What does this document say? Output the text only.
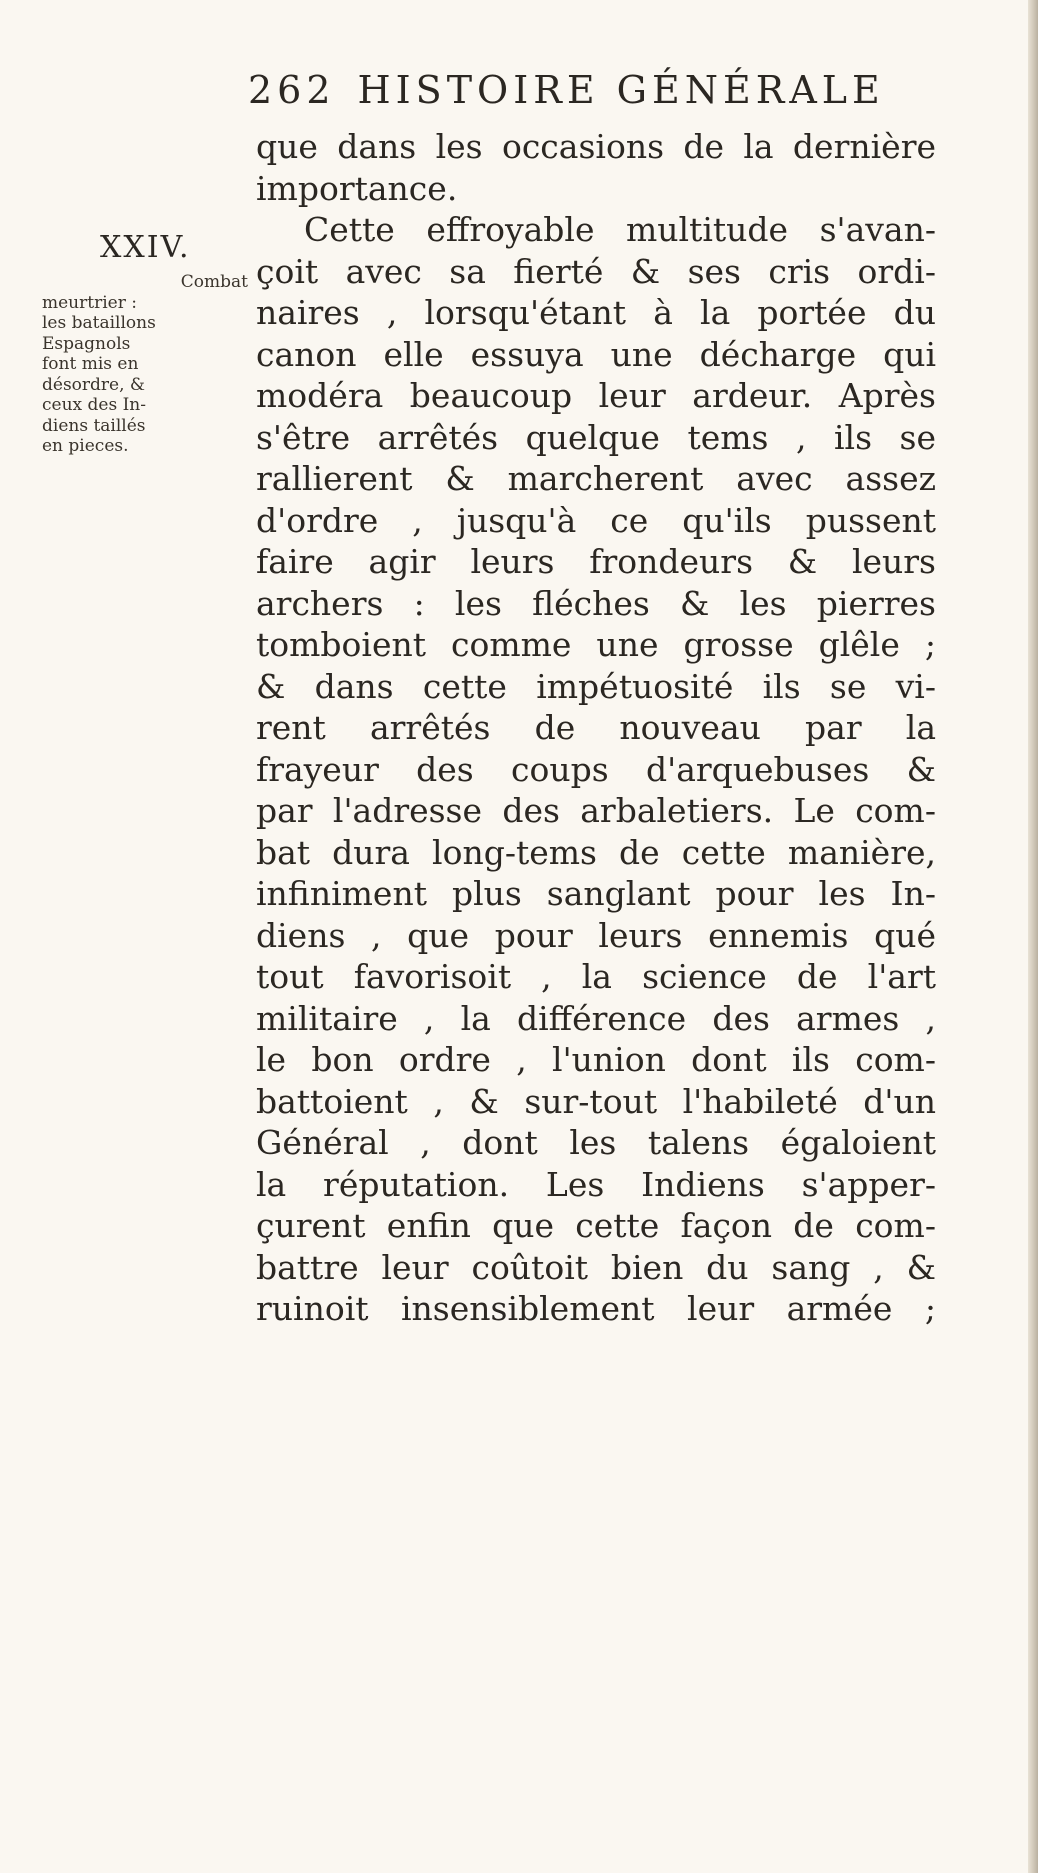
262 HISTOIRE GÉNÉRALE
XXIV.
Combat
meurtrier :
les bataillons
Espagnols
font mis en
désordre, &
ceux des In-
diens taillés
en pieces.
que dans les occasions de la dernière
importance.
Cette effroyable multitude s'avan-
çoit avec sa fierté & ses cris ordi-
naires , lorsqu'étant à la portée du
canon elle essuya une décharge qui
modéra beaucoup leur ardeur. Après
s'être arrêtés quelque tems , ils se
rallierent & marcherent avec assez
d'ordre , jusqu'à ce qu'ils pussent
faire agir leurs frondeurs & leurs
archers : les fléches & les pierres
tomboient comme une grosse glêle ;
& dans cette impétuosité ils se vi-
rent arrêtés de nouveau par la
frayeur des coups d'arquebuses &
par l'adresse des arbaletiers. Le com-
bat dura long-tems de cette manière,
infiniment plus sanglant pour les In-
diens , que pour leurs ennemis qué
tout favorisoit , la science de l'art
militaire , la différence des armes ,
le bon ordre , l'union dont ils com-
battoient , & sur-tout l'habileté d'un
Général , dont les talens égaloient
la réputation. Les Indiens s'apper-
çurent enfin que cette façon de com-
battre leur coûtoit bien du sang , &
ruinoit insensiblement leur armée ;
